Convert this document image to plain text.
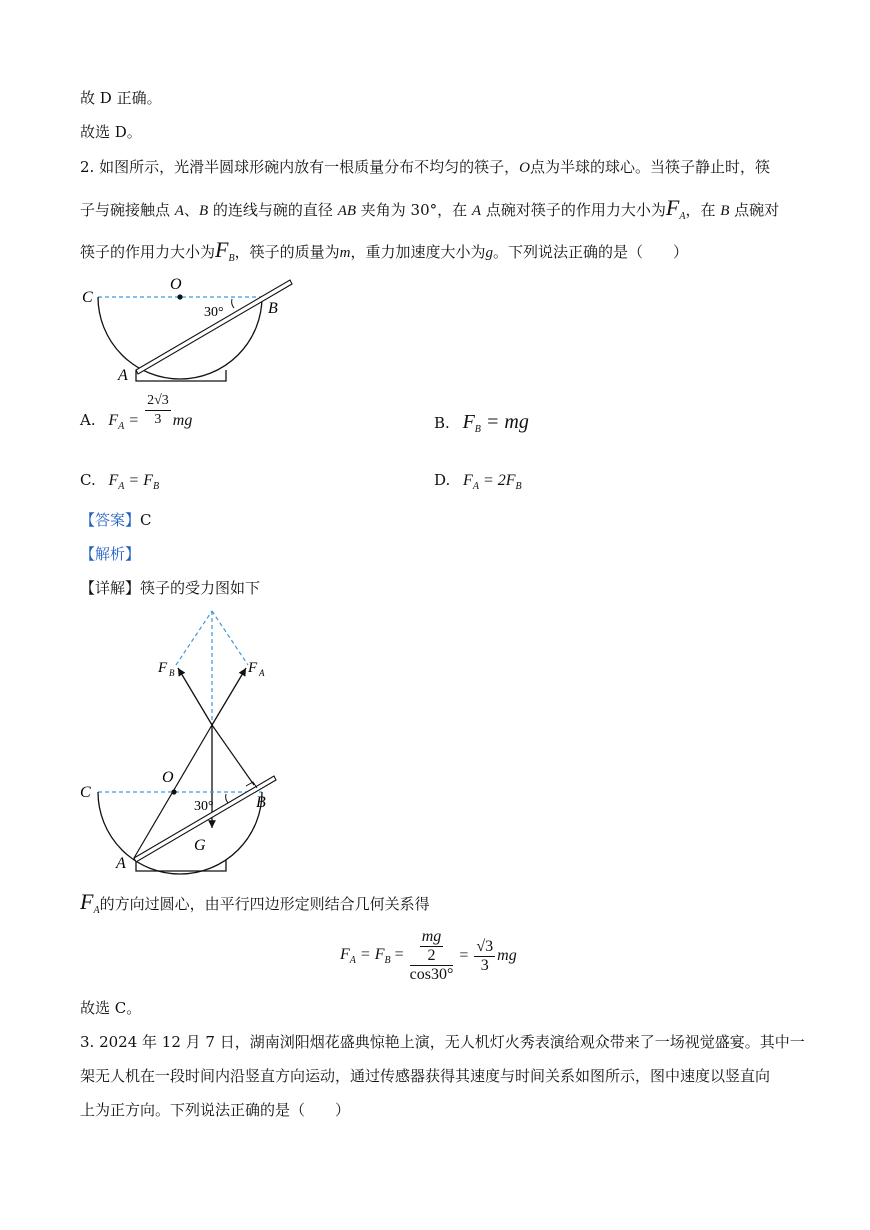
故 D 正确。
故选 D。
2. 如图所示，光滑半圆球形碗内放有一根质量分布不均匀的筷子，O点为半球的球心。当筷子静止时，筷
子与碗接触点 A、B 的连线与碗的直径 AB 夹角为 30°，在 A 点碗对筷子的作用力大小为$F_A$，在 B 点碗对
筷子的作用力大小为$F_B$，筷子的质量为m，重力加速度大小为g。下列说法正确的是（　　）
C
O
B
A
30°
A. $F_A = \frac{2√3}{3}$ mg	B. $F_B$ = mg
C. $F_A = F_B$	D. $F_A = 2F_B$
【答案】C
【解析】
【详解】筷子的受力图如下
F B	F A
O
C
B
A
G
30°
$F_A$的方向过圆心，由平行四边形定则结合几何关系得
$F_A = F_B = \frac{\frac{mg}{2}}{\cos 30^\circ} = \frac{√3}{3}$ mg
故选 C。
3. 2024 年 12 月 7 日，湖南浏阳烟花盛典惊艳上演，无人机灯火秀表演给观众带来了一场视觉盛宴。其中一
架无人机在一段时间内沿竖直方向运动，通过传感器获得其速度与时间关系如图所示，图中速度以竖直向
上为正方向。下列说法正确的是（　　）
